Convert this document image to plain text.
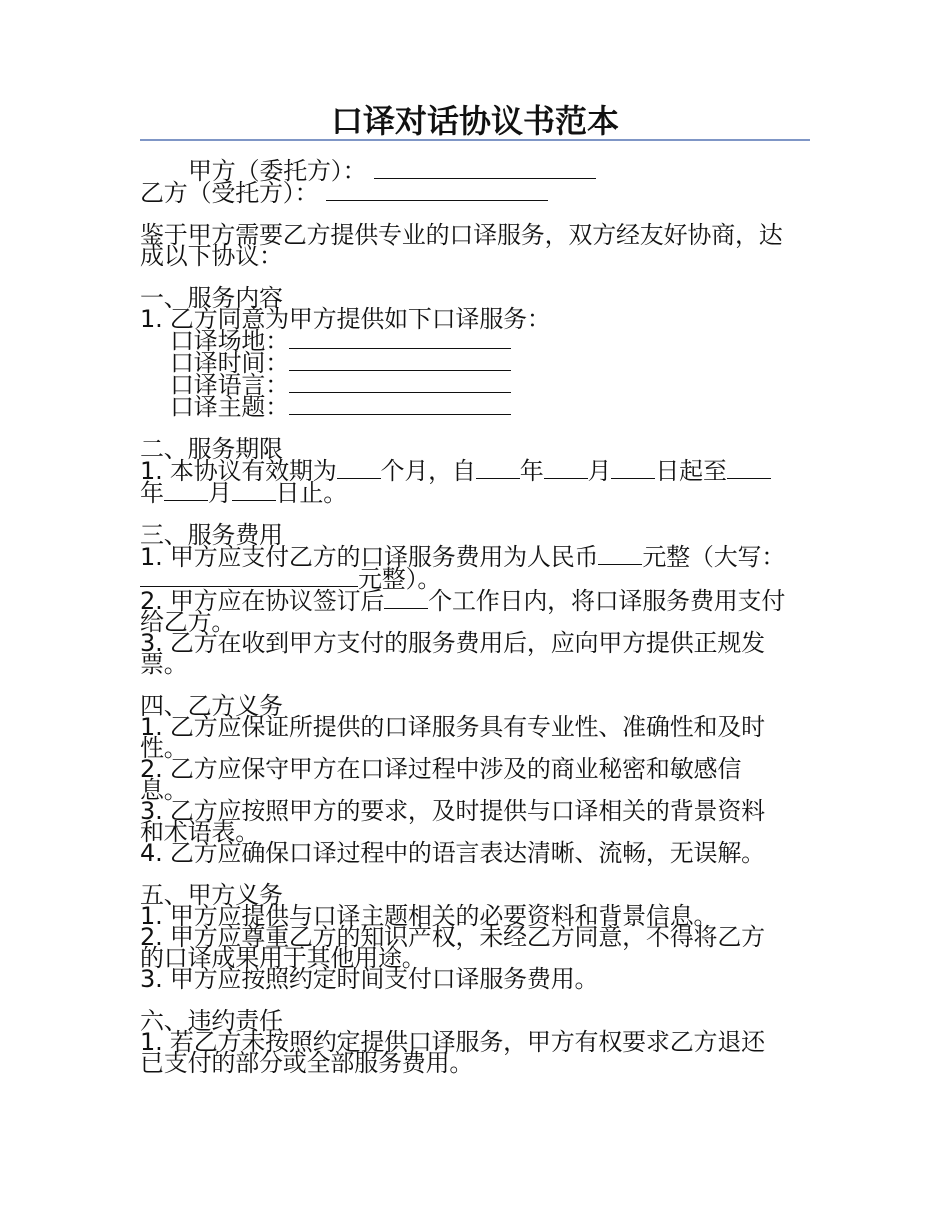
口译对话协议书范本

甲方（委托方）：

乙方（受托方）：

鉴于甲方需要乙方提供专业的口译服务，双方经友好协商，达

成以下协议：

一、服务内容

1. 乙方同意为甲方提供如下口译服务：

口译场地：

口译时间：

口译语言：

口译主题：

二、服务期限

1. 本协议有效期为 个月，自 年 月 日起至

年 月 日止。

三、服务费用

1. 甲方应支付乙方的口译服务费用为人民币 元整（大写：

元整）。

2. 甲方应在协议签订后 个工作日内，将口译服务费用支付

给乙方。

3. 乙方在收到甲方支付的服务费用后，应向甲方提供正规发

票。

四、乙方义务

1. 乙方应保证所提供的口译服务具有专业性、准确性和及时

性。

2. 乙方应保守甲方在口译过程中涉及的商业秘密和敏感信

息。

3. 乙方应按照甲方的要求，及时提供与口译相关的背景资料

和术语表。

4. 乙方应确保口译过程中的语言表达清晰、流畅，无误解。

五、甲方义务

1. 甲方应提供与口译主题相关的必要资料和背景信息。

2. 甲方应尊重乙方的知识产权，未经乙方同意，不得将乙方

的口译成果用于其他用途。

3. 甲方应按照约定时间支付口译服务费用。

六、违约责任

1. 若乙方未按照约定提供口译服务，甲方有权要求乙方退还

已支付的部分或全部服务费用。
